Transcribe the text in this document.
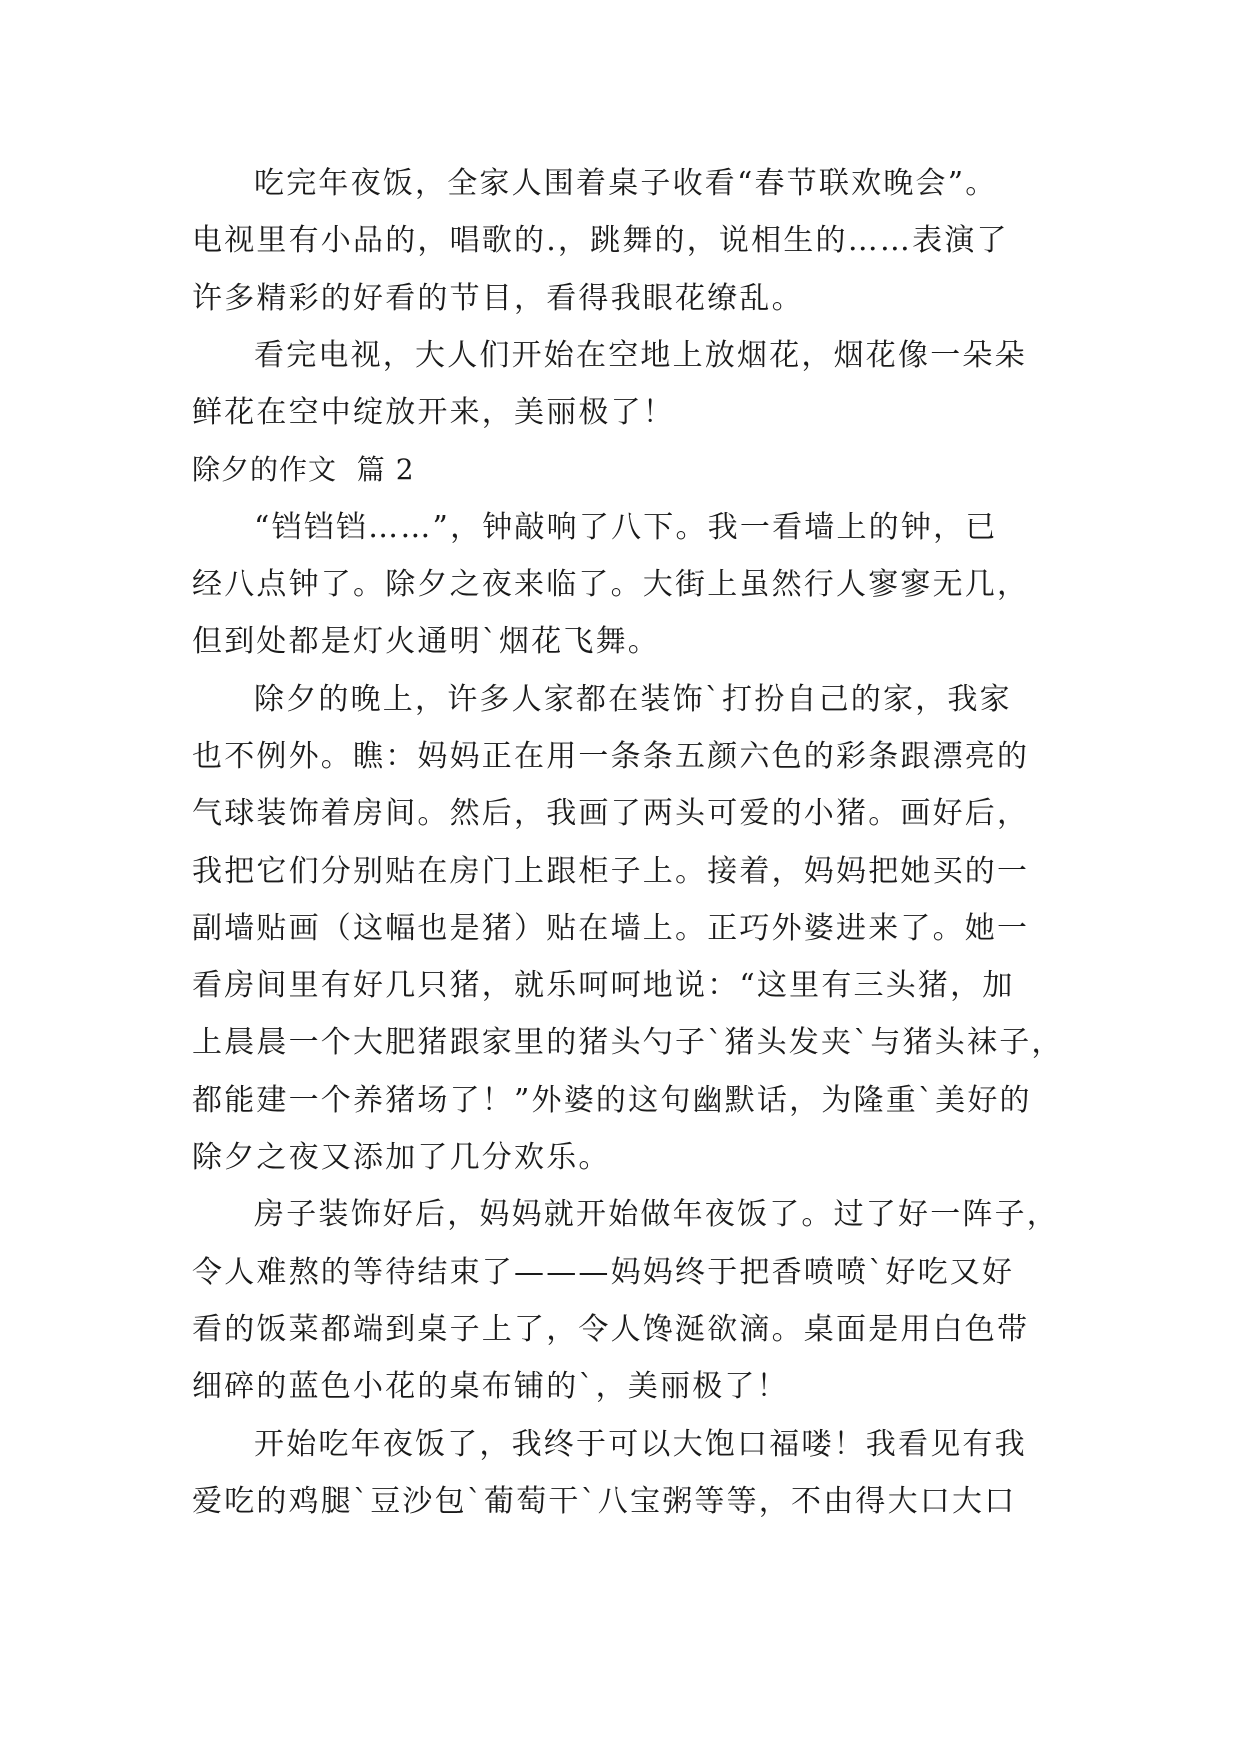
吃完年夜饭，全家人围着桌子收看“春节联欢晚会”。
电视里有小品的，唱歌的.，跳舞的，说相生的……表演了
许多精彩的好看的节目，看得我眼花缭乱。
看完电视，大人们开始在空地上放烟花，烟花像一朵朵
鲜花在空中绽放开来，美丽极了！
除夕的作文  篇 2
“铛铛铛……”，钟敲响了八下。我一看墙上的钟，已
经八点钟了。除夕之夜来临了。大街上虽然行人寥寥无几，
但到处都是灯火通明`烟花飞舞。
除夕的晚上，许多人家都在装饰`打扮自己的家，我家
也不例外。瞧：妈妈正在用一条条五颜六色的彩条跟漂亮的
气球装饰着房间。然后，我画了两头可爱的小猪。画好后，
我把它们分别贴在房门上跟柜子上。接着，妈妈把她买的一
副墙贴画（这幅也是猪）贴在墙上。正巧外婆进来了。她一
看房间里有好几只猪，就乐呵呵地说：“这里有三头猪，加
上晨晨一个大肥猪跟家里的猪头勺子`猪头发夹`与猪头袜子，
都能建一个养猪场了！”外婆的这句幽默话，为隆重`美好的
除夕之夜又添加了几分欢乐。
房子装饰好后，妈妈就开始做年夜饭了。过了好一阵子，
令人难熬的等待结束了———妈妈终于把香喷喷`好吃又好
看的饭菜都端到桌子上了，令人馋涎欲滴。桌面是用白色带
细碎的蓝色小花的桌布铺的`，美丽极了！
开始吃年夜饭了，我终于可以大饱口福喽！我看见有我
爱吃的鸡腿`豆沙包`葡萄干`八宝粥等等，不由得大口大口
